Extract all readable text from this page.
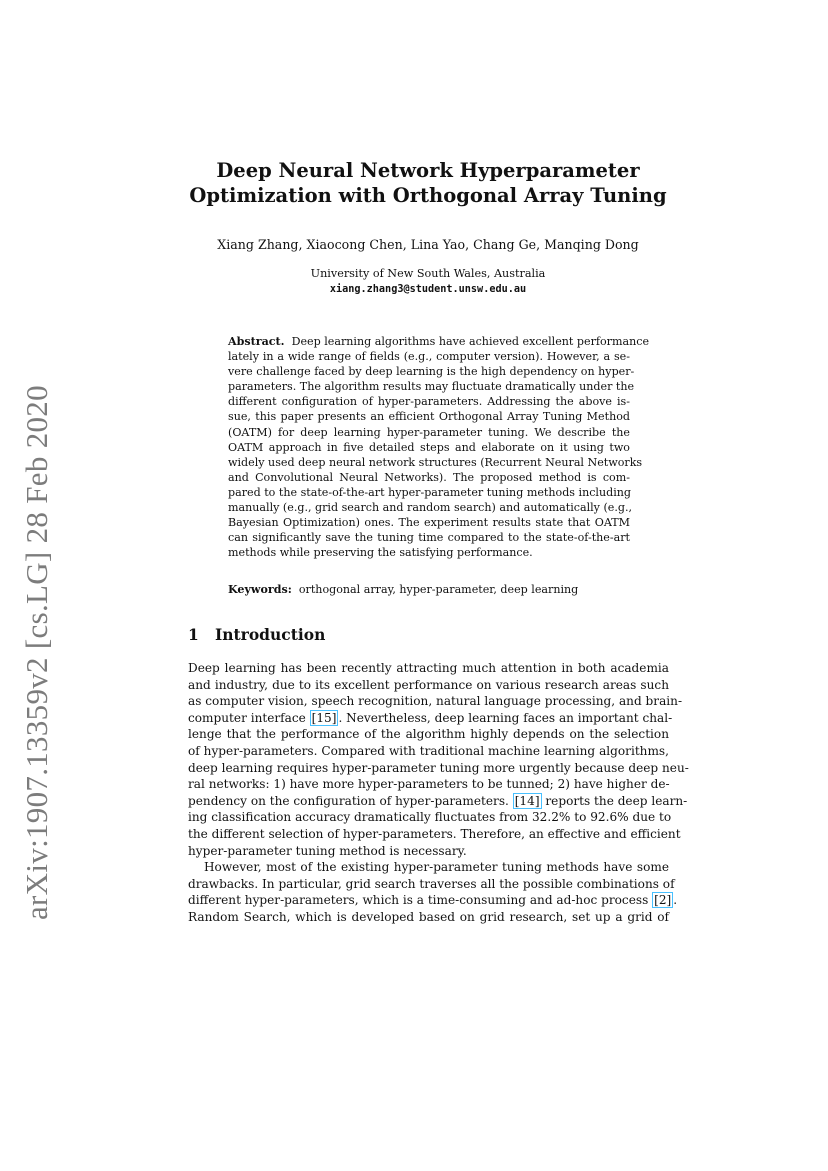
arXiv:1907.13359v2 [cs.LG] 28 Feb 2020
Deep Neural Network Hyperparameter
Optimization with Orthogonal Array Tuning
Xiang Zhang, Xiaocong Chen, Lina Yao, Chang Ge, Manqing Dong
University of New South Wales, Australia
xiang.zhang3@student.unsw.edu.au
Abstract. Deep learning algorithms have achieved excellent performance
lately in a wide range of fields (e.g., computer version). However, a se-
vere challenge faced by deep learning is the high dependency on hyper-
parameters. The algorithm results may fluctuate dramatically under the
different configuration of hyper-parameters. Addressing the above is-
sue, this paper presents an efficient Orthogonal Array Tuning Method
(OATM) for deep learning hyper-parameter tuning. We describe the
OATM approach in five detailed steps and elaborate on it using two
widely used deep neural network structures (Recurrent Neural Networks
and Convolutional Neural Networks). The proposed method is com-
pared to the state-of-the-art hyper-parameter tuning methods including
manually (e.g., grid search and random search) and automatically (e.g.,
Bayesian Optimization) ones. The experiment results state that OATM
can significantly save the tuning time compared to the state-of-the-art
methods while preserving the satisfying performance.
Keywords: orthogonal array, hyper-parameter, deep learning
1 Introduction
Deep learning has been recently attracting much attention in both academia
and industry, due to its excellent performance on various research areas such
as computer vision, speech recognition, natural language processing, and brain-
computer interface [15] . Nevertheless, deep learning faces an important chal-
lenge that the performance of the algorithm highly depends on the selection
of hyper-parameters. Compared with traditional machine learning algorithms,
deep learning requires hyper-parameter tuning more urgently because deep neu-
ral networks: 1) have more hyper-parameters to be tunned; 2) have higher de-
pendency on the configuration of hyper-parameters. [14] reports the deep learn-
ing classification accuracy dramatically fluctuates from 32.2% to 92.6% due to
the different selection of hyper-parameters. Therefore, an effective and efficient
hyper-parameter tuning method is necessary.
However, most of the existing hyper-parameter tuning methods have some
drawbacks. In particular, grid search traverses all the possible combinations of
different hyper-parameters, which is a time-consuming and ad-hoc process [2] .
Random Search, which is developed based on grid research, set up a grid of
